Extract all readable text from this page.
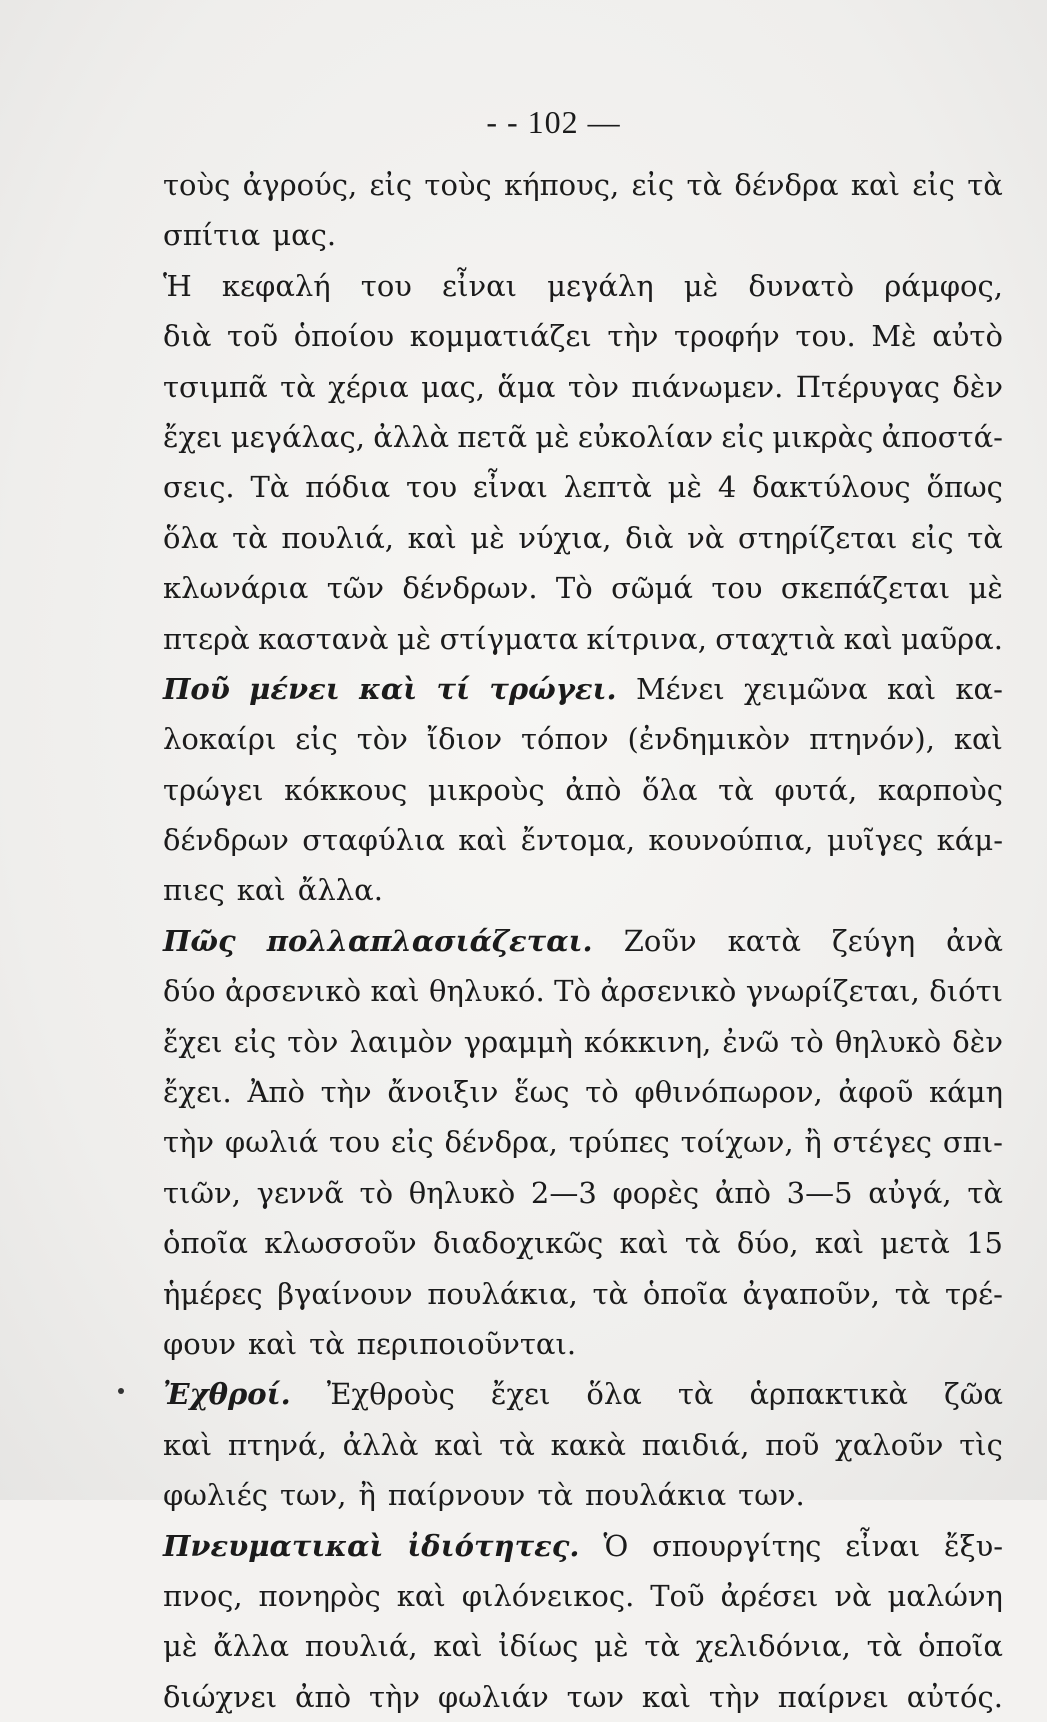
- - 102 —
τοὺς ἀγρούς, εἰς τοὺς κήπους, εἰς τὰ δένδρα καὶ εἰς τὰ
σπίτια μας.
Ἡ κεφαλή του εἶναι μεγάλη μὲ δυνατὸ ράμφος,
διὰ τοῦ ὁποίου κομματιάζει τὴν τροφήν του. Μὲ αὐτὸ
τσιμπᾶ τὰ χέρια μας, ἅμα τὸν πιάνωμεν. Πτέρυγας δὲν
ἔχει μεγάλας, ἀλλὰ πετᾶ μὲ εὐκολίαν εἰς μικρὰς ἀποστά-
σεις. Τὰ πόδια του εἶναι λεπτὰ μὲ 4 δακτύλους ὅπως
ὅλα τὰ πουλιά, καὶ μὲ νύχια, διὰ νὰ στηρίζεται εἰς τὰ
κλωνάρια τῶν δένδρων. Τὸ σῶμά του σκεπάζεται μὲ
πτερὰ καστανὰ μὲ στίγματα κίτρινα, σταχτιὰ καὶ μαῦρα.
Ποῦ μένει καὶ τί τρώγει. Μένει χειμῶνα καὶ κα-
λοκαίρι εἰς τὸν ἴδιον τόπον (ἐνδημικὸν πτηνόν), καὶ
τρώγει κόκκους μικροὺς ἀπὸ ὅλα τὰ φυτά, καρποὺς
δένδρων σταφύλια καὶ ἔντομα, κουνούπια, μυῖγες κάμ-
πιες καὶ ἄλλα.
Πῶς πολλαπλασιάζεται. Ζοῦν κατὰ ζεύγη ἀνὰ
δύο ἀρσενικὸ καὶ θηλυκό. Τὸ ἀρσενικὸ γνωρίζεται, διότι
ἔχει εἰς τὸν λαιμὸν γραμμὴ κόκκινη, ἐνῶ τὸ θηλυκὸ δὲν
ἔχει. Ἀπὸ τὴν ἄνοιξιν ἕως τὸ φθινόπωρον, ἀφοῦ κάμη
τὴν φωλιά του εἰς δένδρα, τρύπες τοίχων, ἢ στέγες σπι-
τιῶν, γεννᾶ τὸ θηλυκὸ 2—3 φορὲς ἀπὸ 3—5 αὐγά, τὰ
ὁποῖα κλωσσοῦν διαδοχικῶς καὶ τὰ δύο, καὶ μετὰ 15
ἡμέρες βγαίνουν πουλάκια, τὰ ὁποῖα ἀγαποῦν, τὰ τρέ-
φουν καὶ τὰ περιποιοῦνται.
Ἐχθροί. Ἐχθροὺς ἔχει ὅλα τὰ ἁρπακτικὰ ζῶα
καὶ πτηνά, ἀλλὰ καὶ τὰ κακὰ παιδιά, ποῦ χαλοῦν τὶς
φωλιές των, ἢ παίρνουν τὰ πουλάκια των.
Πνευματικαὶ ἰδιότητες. Ὁ σπουργίτης εἶναι ἔξυ-
πνος, πονηρὸς καὶ φιλόνεικος. Τοῦ ἀρέσει νὰ μαλώνη
μὲ ἄλλα πουλιά, καὶ ἰδίως μὲ τὰ χελιδόνια, τὰ ὁποῖα
διώχνει ἀπὸ τὴν φωλιάν των καὶ τὴν παίρνει αὐτός.
